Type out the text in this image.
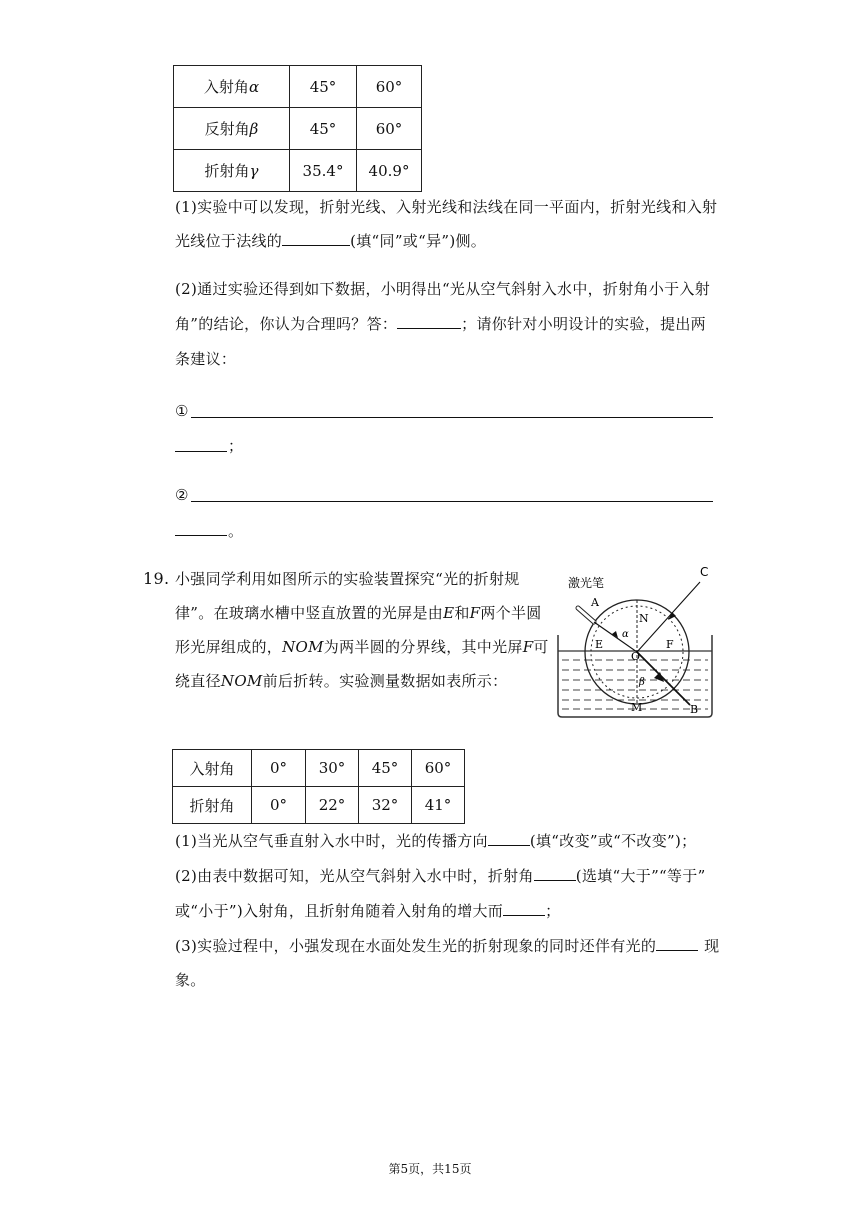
入射角α	45°	60°
反射角β	45°	60°
折射角γ	35.4°	40.9°
(1)实验中可以发现，折射光线、入射光线和法线在同一平面内，折射光线和入射
光线位于法线的	(填“同”或“异”)侧。
(2)通过实验还得到如下数据，小明得出“光从空气斜射入水中，折射角小于入射
角”的结论，你认为合理吗？答：	；请你针对小明设计的实验，提出两
条建议：
①
；
②
。
19. 小强同学利用如图所示的实验装置探究“光的折射规
律”。在玻璃水槽中竖直放置的光屏是由E和F两个半圆
形光屏组成的，NOM为两半圆的分界线，其中光屏F可
绕直径NOM前后折转。实验测量数据如表所示：
激光笔
A
C
N
α
O
E	F
β
M	B
入射角	0°	30°	45°	60°
折射角	0°	22°	32°	41°
(1)当光从空气垂直射入水中时，光的传播方向	(填“改变”或“不改变”)；
(2)由表中数据可知，光从空气斜射入水中时，折射角	(选填“大于”“等于”
或“小于”)入射角，且折射角随着入射角的增大而	；
(3)实验过程中，小强发现在水面处发生光的折射现象的同时还伴有光的	现
象。
第5页，共15页
